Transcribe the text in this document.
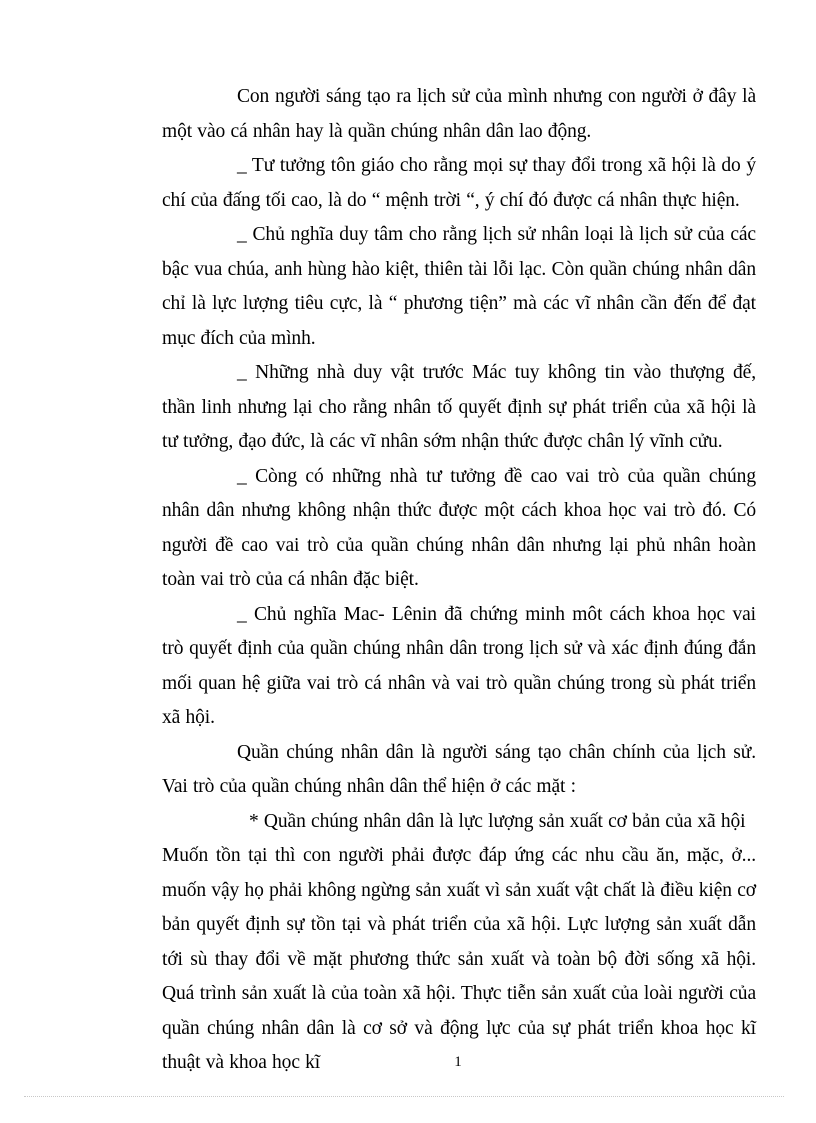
Con người sáng tạo ra lịch sử của mình nhưng con người ở đây là một vào cá nhân hay là quần chúng nhân dân lao động.

_ Tư tưởng tôn giáo cho rằng mọi sự thay đổi trong xã hội là do ý chí của đấng tối cao, là do “ mệnh trời “, ý chí đó được cá nhân thực hiện.

_ Chủ nghĩa duy tâm cho rằng lịch sử nhân loại là lịch sử của các bậc vua chúa, anh hùng hào kiệt, thiên tài lỗi lạc. Còn quần chúng nhân dân chỉ là lực lượng tiêu cực, là “ phương tiện” mà các vĩ nhân cần đến để đạt mục đích của mình.

_ Những nhà duy vật trước Mác tuy không tin vào thượng đế, thần linh nhưng lại cho rằng nhân tố quyết định sự phát triển của xã hội là tư tưởng, đạo đức, là các vĩ nhân sớm nhận thức được chân lý vĩnh cửu.

_ Còng có những nhà tư tưởng đề cao vai trò của quần chúng nhân dân nhưng không nhận thức được một cách khoa học vai trò đó. Có người đề cao vai trò của quần chúng nhân dân nhưng lại phủ nhân hoàn toàn vai trò của cá nhân đặc biệt.

_ Chủ nghĩa Mac- Lênin đã chứng minh môt cách khoa học vai trò quyết định của quần chúng nhân dân trong lịch sử và xác định đúng đắn mối quan hệ giữa vai trò cá nhân và vai trò quần chúng trong sù phát triển xã hội.

Quần chúng nhân dân là người sáng tạo chân chính của lịch sử. Vai trò của quần chúng nhân dân thể hiện ở các mặt :

* Quần chúng nhân dân là lực lượng sản xuất cơ bản của xã hội

Muốn tồn tại thì con người phải được đáp ứng các nhu cầu ăn, mặc, ở... muốn vậy họ phải không ngừng sản xuất vì sản xuất vật chất là điều kiện cơ bản quyết định sự tồn tại và phát triển của xã hội. Lực lượng sản xuất dẫn tới sù thay đổi về mặt phương thức sản xuất và toàn bộ đời sống xã hội. Quá trình sản xuất là của toàn xã hội. Thực tiễn sản xuất của loài người của quần chúng nhân dân là cơ sở và động lực của sự phát triển khoa học kĩ thuật và khoa học kĩ	1
